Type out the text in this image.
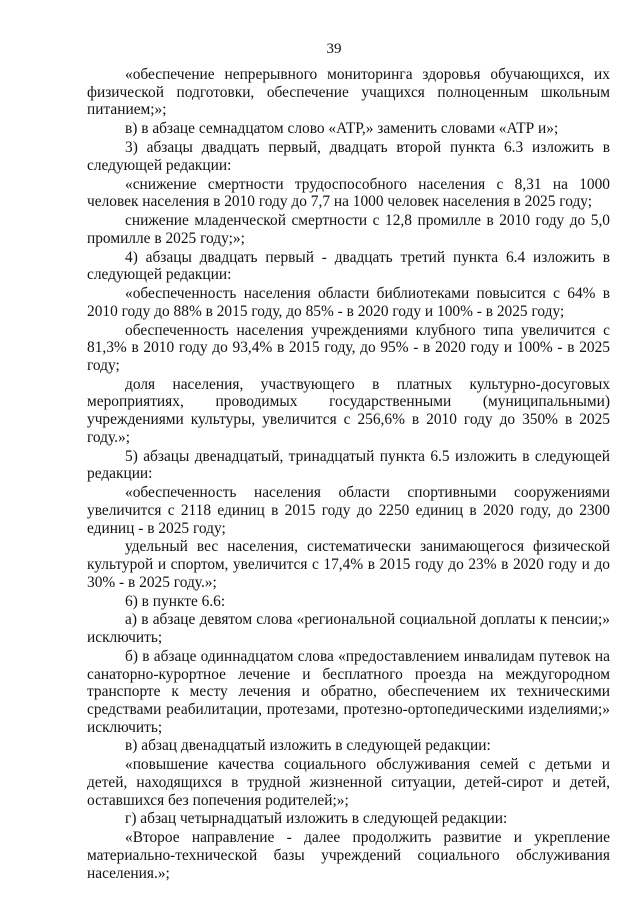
39

«обеспечение непрерывного мониторинга здоровья обучающихся, их физической подготовки, обеспечение учащихся полноценным школьным питанием;»;

в) в абзаце семнадцатом слово «АТР,» заменить словами «АТР и»;

3) абзацы двадцать первый, двадцать второй пункта 6.3 изложить в следующей редакции:

«снижение смертности трудоспособного населения с 8,31 на 1000 человек населения в 2010 году до 7,7 на 1000 человек населения в 2025 году;

снижение младенческой смертности с 12,8 промилле в 2010 году до 5,0 промилле в 2025 году;»;

4) абзацы двадцать первый - двадцать третий пункта 6.4 изложить в следующей редакции:

«обеспеченность населения области библиотеками повысится с 64% в 2010 году до 88% в 2015 году, до 85% - в 2020 году и 100% - в 2025 году;

обеспеченность населения учреждениями клубного типа увеличится с 81,3% в 2010 году до 93,4% в 2015 году, до 95% - в 2020 году и 100% - в 2025 году;

доля населения, участвующего в платных культурно-досуговых мероприятиях, проводимых государственными (муниципальными) учреждениями культуры, увеличится с 256,6% в 2010 году до 350% в 2025 году.»;

5) абзацы двенадцатый, тринадцатый пункта 6.5 изложить в следующей редакции:

«обеспеченность населения области спортивными сооружениями увеличится с 2118 единиц в 2015 году до 2250 единиц в 2020 году, до 2300 единиц - в 2025 году;

удельный вес населения, систематически занимающегося физической культурой и спортом, увеличится с 17,4% в 2015 году до 23% в 2020 году и до 30% - в 2025 году.»;

6) в пункте 6.6:

а) в абзаце девятом слова «региональной социальной доплаты к пенсии;» исключить;

б) в абзаце одиннадцатом слова «предоставлением инвалидам путевок на санаторно-курортное лечение и бесплатного проезда на междугородном транспорте к месту лечения и обратно, обеспечением их техническими средствами реабилитации, протезами, протезно-ортопедическими изделиями;» исключить;

в) абзац двенадцатый изложить в следующей редакции:

«повышение качества социального обслуживания семей с детьми и детей, находящихся в трудной жизненной ситуации, детей-сирот и детей, оставшихся без попечения родителей;»;

г) абзац четырнадцатый изложить в следующей редакции:

«Второе направление - далее продолжить развитие и укрепление материально-технической базы учреждений социального обслуживания населения.»;
